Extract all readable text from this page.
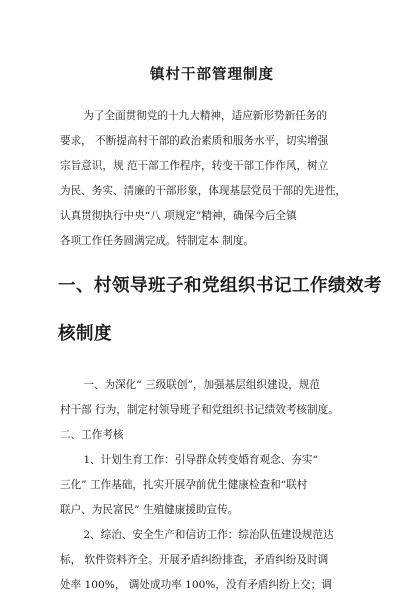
镇村干部管理制度

为了全面贯彻党的十九大精神，适应新形势新任务的

要求， 不断提高村干部的政治素质和服务水平，切实增强

宗旨意识，规 范干部工作程序，转变干部工作作风，树立

为民、务实、清廉的干部形象，体现基层党员干部的先进性，

认真贯彻执行中央“八 项规定”精神，确保今后全镇

各项工作任务圆满完成。特制定本 制度。

一、村领导班子和党组织书记工作绩效考
核制度

一、为深化“ 三级联创”，加强基层组织建设，规范

村干部 行为，制定村领导班子和党组织书记绩效考核制度。

二、工作考核

1、计划生育工作：引导群众转变婚育观念、夯实“

三化” 工作基础，扎实开展孕前优生健康检查和“联村

联户、为民富民” 生殖健康援助宣传。

2、综治、安全生产和信访工作：综治队伍建设规范达

标， 软件资料齐全。开展矛盾纠纷排查，矛盾纠纷及时调

处率 100%， 调处成功率 100%，没有矛盾纠纷上交；调
